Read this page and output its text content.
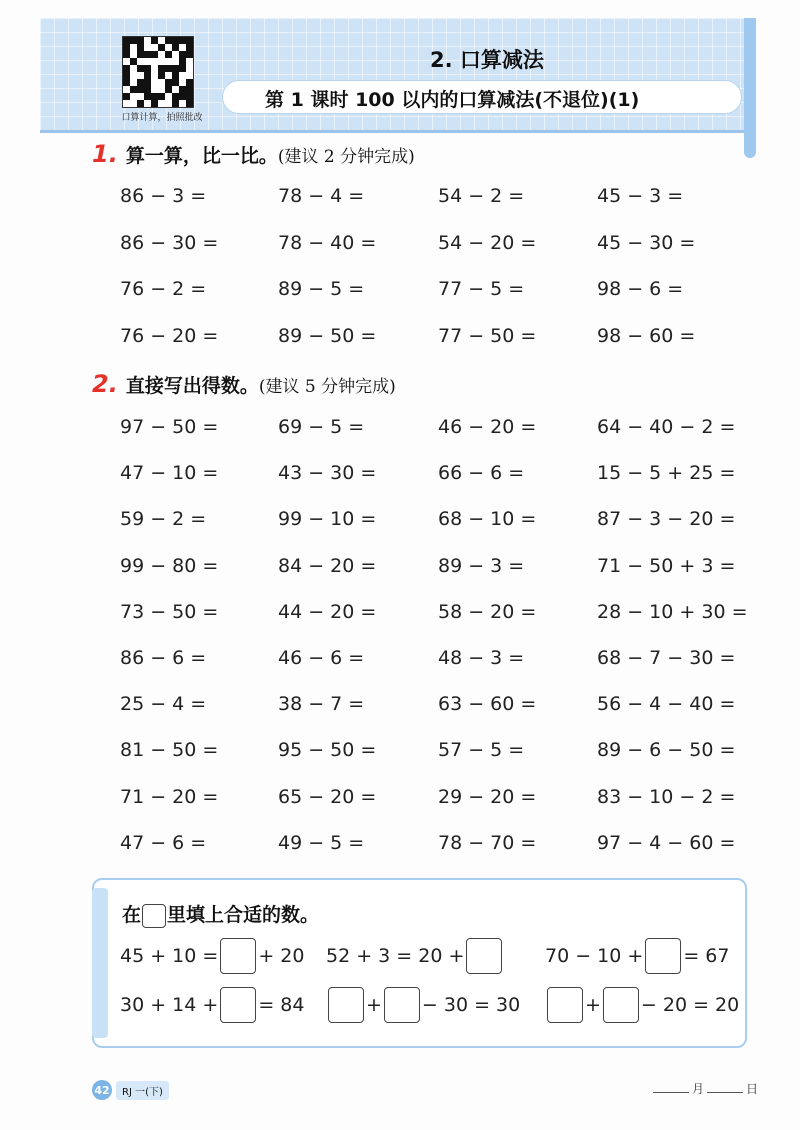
口算计算，拍照批改
2. 口算减法
第 1 课时 100 以内的口算减法(不退位)(1)
1. 算一算，比一比。(建议 2 分钟完成)
86 − 3 =	78 − 4 =	54 − 2 =	45 − 3 =
86 − 30 =	78 − 40 =	54 − 20 =	45 − 30 =
76 − 2 =	89 − 5 =	77 − 5 =	98 − 6 =
76 − 20 =	89 − 50 =	77 − 50 =	98 − 60 =
2. 直接写出得数。(建议 5 分钟完成)
97 − 50 =	69 − 5 =	46 − 20 =	64 − 40 − 2 =
47 − 10 =	43 − 30 =	66 − 6 =	15 − 5 + 25 =
59 − 2 =	99 − 10 =	68 − 10 =	87 − 3 − 20 =
99 − 80 =	84 − 20 =	89 − 3 =	71 − 50 + 3 =
73 − 50 =	44 − 20 =	58 − 20 =	28 − 10 + 30 =
86 − 6 =	46 − 6 =	48 − 3 =	68 − 7 − 30 =
25 − 4 =	38 − 7 =	63 − 60 =	56 − 4 − 40 =
81 − 50 =	95 − 50 =	57 − 5 =	89 − 6 − 50 =
71 − 20 =	65 − 20 =	29 − 20 =	83 − 10 − 2 =
47 − 6 =	49 − 5 =	78 − 70 =	97 − 4 − 60 =
在 里填上合适的数。
45 + 10 = + 20 52 + 3 = 20 +	70 − 10 + = 67
30 + 14 + = 84	+ − 30 = 30	+ − 20 = 20
42	RJ 一(下)	月	日
